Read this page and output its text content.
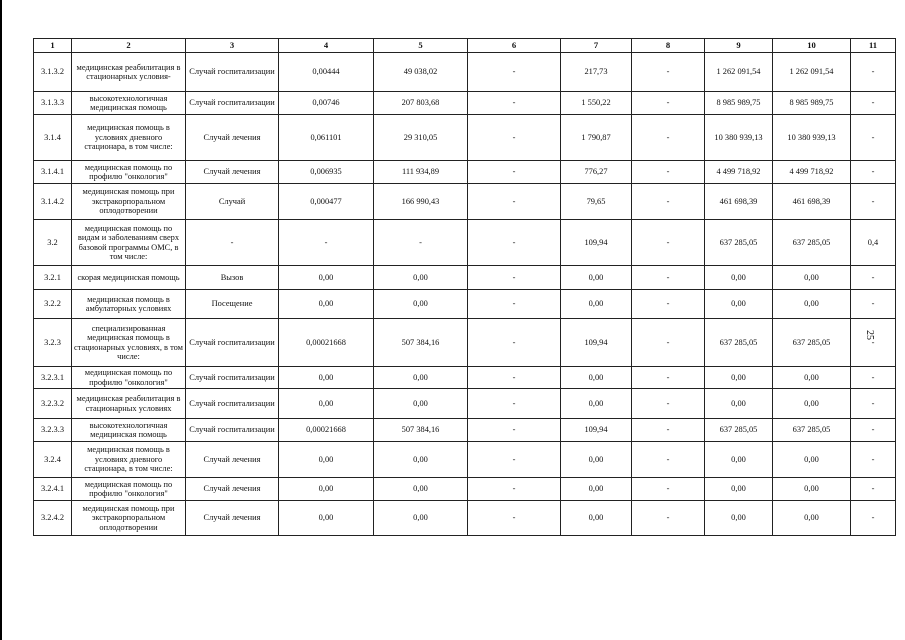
1	2	3	4	5	6	7	8	9	10	11
3.1.3.2	медицинская реабилитация в стационарных условия-	Случай госпитализации	0,00444	49 038,02	-	217,73	-	1 262 091,54	1 262 091,54	-
3.1.3.3	высокотехнологичная медицинская помощь	Случай госпитализации	0,00746	207 803,68	-	1 550,22	-	8 985 989,75	8 985 989,75	-
3.1.4	медицинская помощь в условиях дневного стационара, в том числе:	Случай лечения	0,061101	29 310,05	-	1 790,87	-	10 380 939,13	10 380 939,13	-
3.1.4.1	медицинская помощь по профилю "онкология"	Случай лечения	0,006935	111 934,89	-	776,27	-	4 499 718,92	4 499 718,92	-
3.1.4.2	медицинская помощь при экстракорпоральном оплодотворении	Случай	0,000477	166 990,43	-	79,65	-	461 698,39	461 698,39	-
3.2	медицинская помощь по видам и заболеваниям сверх базовой программы ОМС, в том числе:	-	-	-	-	109,94	-	637 285,05	637 285,05	0,4
3.2.1	скорая медицинская помощь	Вызов	0,00	0,00	-	0,00	-	0,00	0,00	-
3.2.2	медицинская помощь в амбулаторных условиях	Посещение	0,00	0,00	-	0,00	-	0,00	0,00	-
3.2.3	специализированная медицинская помощь в стационарных условиях, в том числе:	Случай госпитализации	0,00021668	507 384,16	-	109,94	-	637 285,05	637 285,05	-
3.2.3.1	медицинская помощь по профилю "онкология"	Случай госпитализации	0,00	0,00	-	0,00	-	0,00	0,00	-
3.2.3.2	медицинская реабилитация в стационарных условиях	Случай госпитализации	0,00	0,00	-	0,00	-	0,00	0,00	-
3.2.3.3	высокотехнологичная медицинская помощь	Случай госпитализации	0,00021668	507 384,16	-	109,94	-	637 285,05	637 285,05	-
3.2.4	медицинская помощь в условиях дневного стационара, в том числе:	Случай лечения	0,00	0,00	-	0,00	-	0,00	0,00	-
3.2.4.1	медицинская помощь по профилю "онкология"	Случай лечения	0,00	0,00	-	0,00	-	0,00	0,00	-
3.2.4.2	медицинская помощь при экстракорпоральном оплодотворении	Случай лечения	0,00	0,00	-	0,00	-	0,00	0,00	-
25
